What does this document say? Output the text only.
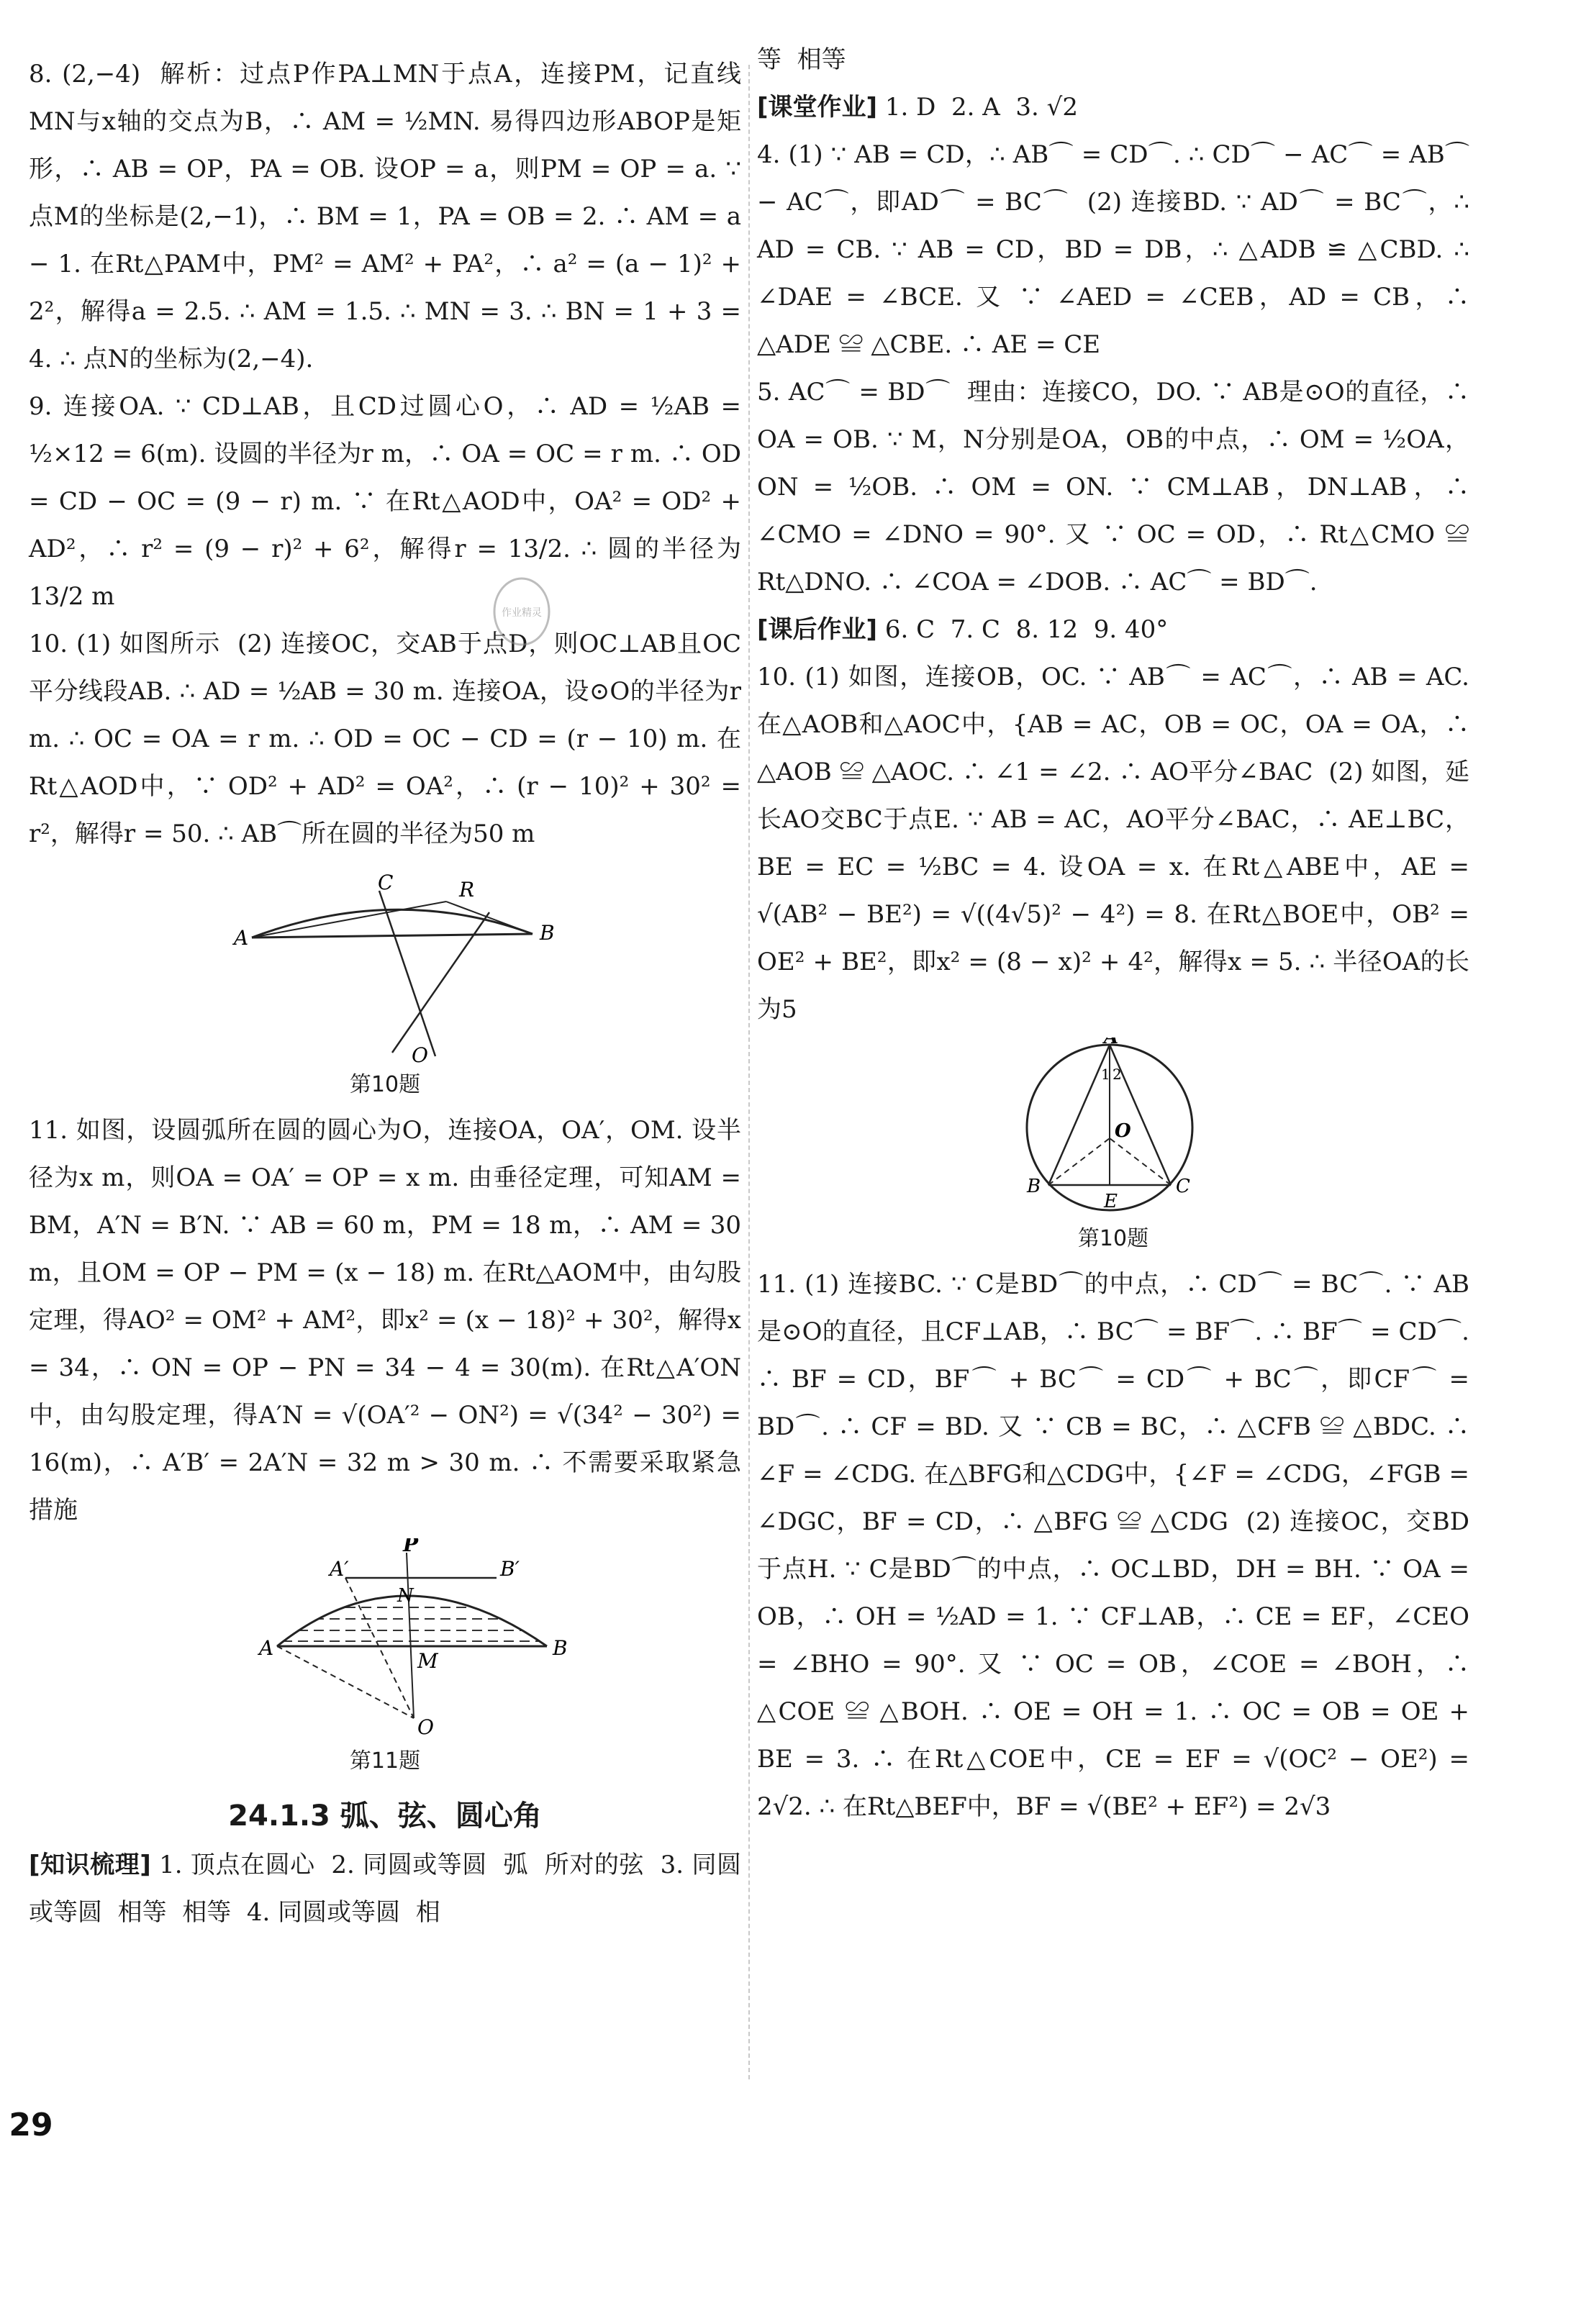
8. (2,−4)  解析：过点P作PA⊥MN于点A，连接PM，记直线MN与x轴的交点为B，∴ AM = ½MN. 易得四边形ABOP是矩形，∴ AB = OP，PA = OB. 设OP = a，则PM = OP = a. ∵ 点M的坐标是(2,−1)，∴ BM = 1，PA = OB = 2. ∴ AM = a − 1. 在Rt△PAM中，PM² = AM² + PA²，∴ a² = (a − 1)² + 2²，解得a = 2.5. ∴ AM = 1.5. ∴ MN = 3. ∴ BN = 1 + 3 = 4. ∴ 点N的坐标为(2,−4).

9. 连接OA. ∵ CD⊥AB，且CD过圆心O，∴ AD = ½AB = ½×12 = 6(m). 设圆的半径为r m，∴ OA = OC = r m. ∴ OD = CD − OC = (9 − r) m. ∵ 在Rt△AOD中，OA² = OD² + AD²，∴ r² = (9 − r)² + 6²，解得r = 13/2. ∴ 圆的半径为 13/2 m

10. (1) 如图所示  (2) 连接OC，交AB于点D，则OC⊥AB且OC平分线段AB. ∴ AD = ½AB = 30 m. 连接OA，设⊙O的半径为r m. ∴ OC = OA = r m. ∴ OD = OC − CD = (r − 10) m. 在Rt△AOD中，∵ OD² + AD² = OA²，∴ (r − 10)² + 30² = r²，解得r = 50. ∴ AB⌒所在圆的半径为50 m

A	B
C	R
O
第10题

11. 如图，设圆弧所在圆的圆心为O，连接OA，OA′，OM. 设半径为x m，则OA = OA′ = OP = x m. 由垂径定理，可知AM = BM，A′N = B′N. ∵ AB = 60 m，PM = 18 m，∴ AM = 30 m，且OM = OP − PM = (x − 18) m. 在Rt△AOM中，由勾股定理，得AO² = OM² + AM²，即x² = (x − 18)² + 30²，解得x = 34，∴ ON = OP − PN = 34 − 4 = 30(m). 在Rt△A′ON中，由勾股定理，得A′N = √(OA′² − ON²) = √(34² − 30²) = 16(m)，∴ A′B′ = 2A′N = 32 m > 30 m. ∴ 不需要采取紧急措施

P
A′	B′
N
A	B
M
O
第11题
24.1.3 弧、弦、圆心角

[知识梳理] 1. 顶点在圆心  2. 同圆或等圆  弧  所对的弦  3. 同圆或等圆  相等  相等  4. 同圆或等圆  相

作业精灵

等  相等

[课堂作业] 1. D  2. A  3. √2

4. (1) ∵ AB = CD，∴ AB⌒ = CD⌒. ∴ CD⌒ − AC⌒ = AB⌒ − AC⌒，即AD⌒ = BC⌒  (2) 连接BD. ∵ AD⌒ = BC⌒，∴ AD = CB. ∵ AB = CD，BD = DB，∴ △ADB ≌ △CBD. ∴ ∠DAE = ∠BCE. 又 ∵ ∠AED = ∠CEB，AD = CB，∴ △ADE ≌ △CBE. ∴ AE = CE

5. AC⌒ = BD⌒  理由：连接CO，DO. ∵ AB是⊙O的直径，∴ OA = OB. ∵ M，N分别是OA，OB的中点，∴ OM = ½OA，ON = ½OB. ∴ OM = ON. ∵ CM⊥AB，DN⊥AB，∴ ∠CMO = ∠DNO = 90°. 又 ∵ OC = OD，∴ Rt△CMO ≌ Rt△DNO. ∴ ∠COA = ∠DOB. ∴ AC⌒ = BD⌒.

[课后作业] 6. C  7. C  8. 12  9. 40°

10. (1) 如图，连接OB，OC. ∵ AB⌒ = AC⌒，∴ AB = AC. 在△AOB和△AOC中，{AB = AC，OB = OC，OA = OA，∴ △AOB ≌ △AOC. ∴ ∠1 = ∠2. ∴ AO平分∠BAC  (2) 如图，延长AO交BC于点E. ∵ AB = AC，AO平分∠BAC，∴ AE⊥BC，BE = EC = ½BC = 4. 设OA = x. 在Rt△ABE中，AE = √(AB² − BE²) = √((4√5)² − 4²) = 8. 在Rt△BOE中，OB² = OE² + BE²，即x² = (8 − x)² + 4²，解得x = 5. ∴ 半径OA的长为5

A
1 2
O
B
E
C
第10题

11. (1) 连接BC. ∵ C是BD⌒的中点，∴ CD⌒ = BC⌒. ∵ AB是⊙O的直径，且CF⊥AB，∴ BC⌒ = BF⌒. ∴ BF⌒ = CD⌒. ∴ BF = CD，BF⌒ + BC⌒ = CD⌒ + BC⌒，即CF⌒ = BD⌒. ∴ CF = BD. 又 ∵ CB = BC，∴ △CFB ≌ △BDC. ∴ ∠F = ∠CDG. 在△BFG和△CDG中，{∠F = ∠CDG，∠FGB = ∠DGC，BF = CD，∴ △BFG ≌ △CDG  (2) 连接OC，交BD于点H. ∵ C是BD⌒的中点，∴ OC⊥BD，DH = BH. ∵ OA = OB，∴ OH = ½AD = 1. ∵ CF⊥AB，∴ CE = EF，∠CEO = ∠BHO = 90°. 又 ∵ OC = OB，∠COE = ∠BOH，∴ △COE ≌ △BOH. ∴ OE = OH = 1. ∴ OC = OB = OE + BE = 3. ∴ 在Rt△COE中，CE = EF = √(OC² − OE²) = 2√2. ∴ 在Rt△BEF中，BF = √(BE² + EF²) = 2√3

29
